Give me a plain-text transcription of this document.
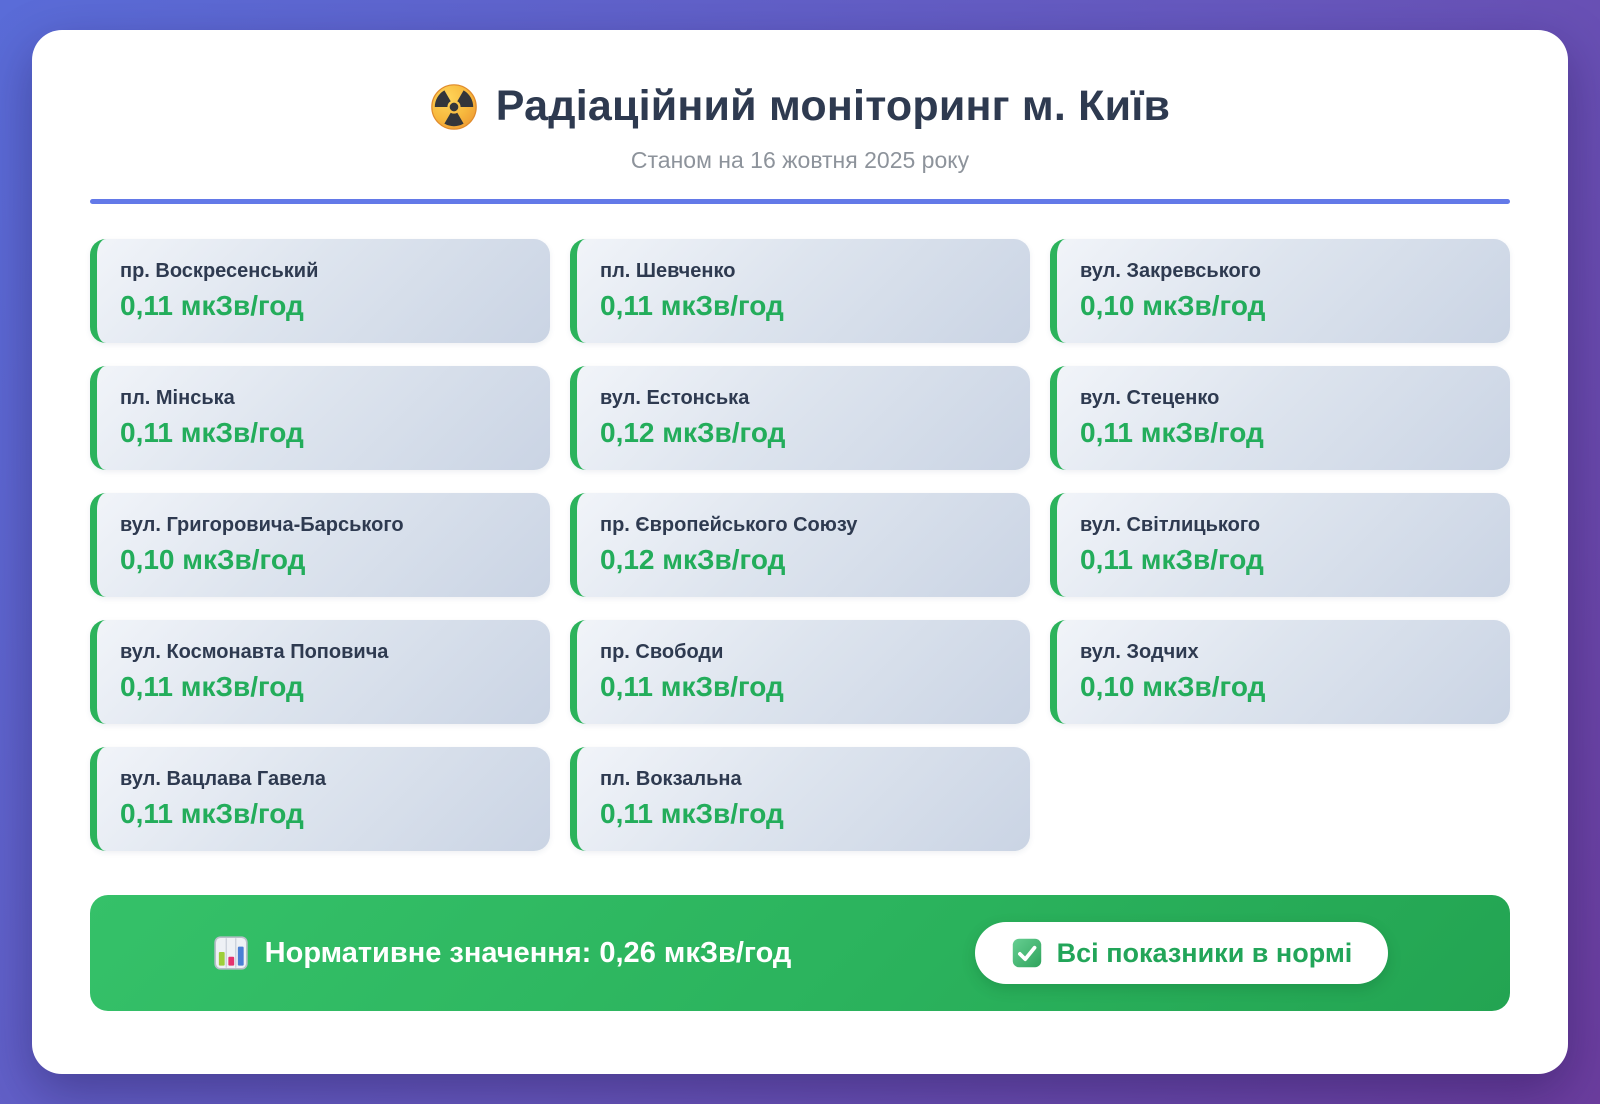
Радіаційний моніторинг м. Київ
Станом на 16 жовтня 2025 року
пр. Воскресенський
0,11 мкЗв/год
пл. Шевченко
0,11 мкЗв/год
вул. Закревського
0,10 мкЗв/год
пл. Мінська
0,11 мкЗв/год
вул. Естонська
0,12 мкЗв/год
вул. Стеценко
0,11 мкЗв/год
вул. Григоровича-Барського
0,10 мкЗв/год
пр. Європейського Союзу
0,12 мкЗв/год
вул. Світлицького
0,11 мкЗв/год
вул. Космонавта Поповича
0,11 мкЗв/год
пр. Свободи
0,11 мкЗв/год
вул. Зодчих
0,10 мкЗв/год
вул. Вацлава Гавела
0,11 мкЗв/год
пл. Вокзальна
0,11 мкЗв/год
Нормативне значення: 0,26 мкЗв/год	Всі показники в нормі
